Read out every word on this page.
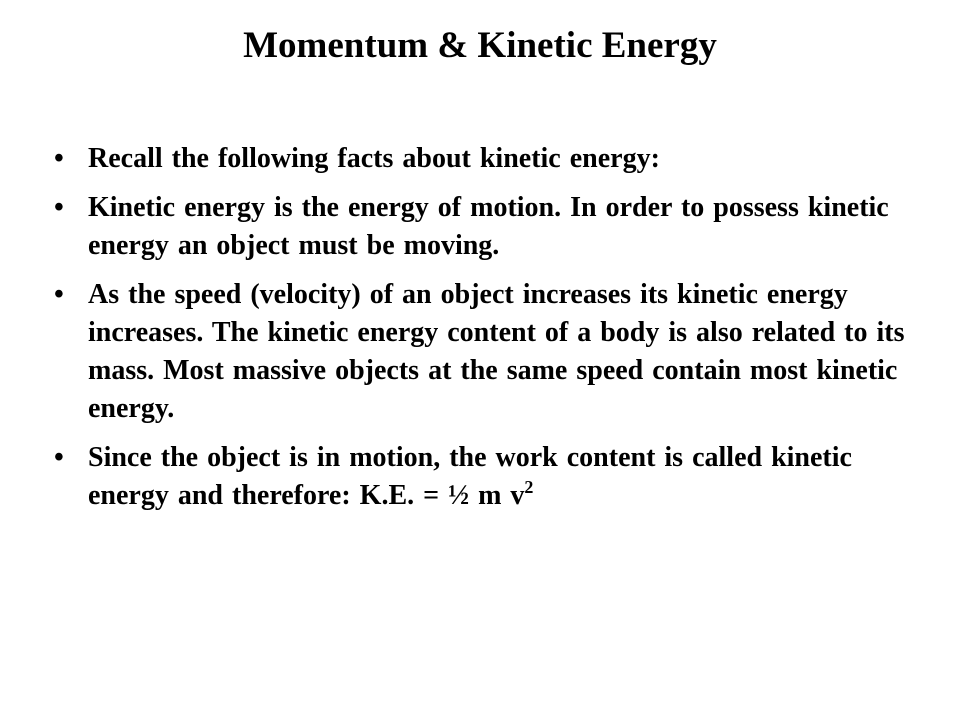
Momentum & Kinetic Energy
• Recall the following facts about kinetic energy:
• Kinetic energy is the energy of motion. In order to possess kinetic energy an object must be moving.
• As the speed (velocity) of an object increases its kinetic energy increases. The kinetic energy content of a body is also related to its mass. Most massive objects at the same speed contain most kinetic energy.
• Since the object is in motion, the work content is called kinetic energy and therefore: K.E. = ½ m $v^2$
